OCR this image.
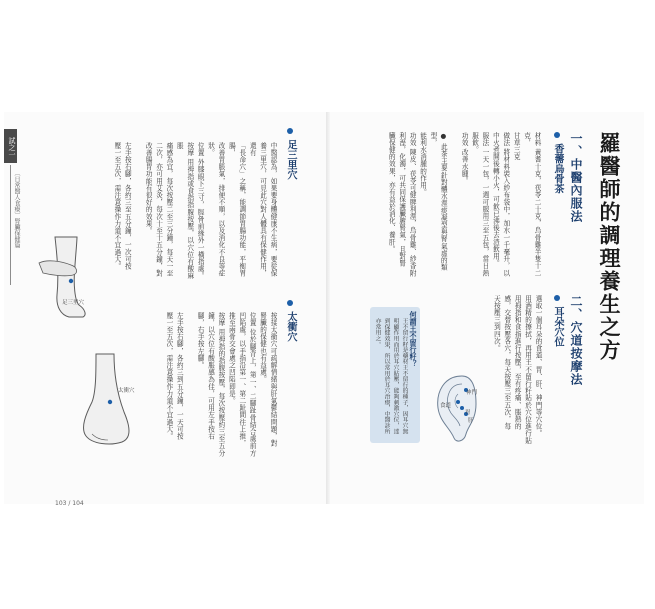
試之一
〔日常醫人食療〕腎臟保健篇	羅醫師的調理養生之方
一、中醫內服法
香薷烏骨茶
材料 黃耆十克，茯苓二十克，烏骨雞半隻十二克，
甘草三克
做法 將材料裝入紗布袋中，加水一千毫升，以
中火煮開後轉小火，可飲已沸後去渣飲用。
服法 一天一包，一週可服用三至五包，當日熱服飲。
功效 改善水腫。

● 此茶主要針對體水溼痰凝型與腎氣虛的類型，
能利水消腫的作用。
功效 陳皮、茯苓可健脾利溼，烏骨雞、紗香附
利溼，化濁，可共同保護臟腑腎氣，且對腎
臟保健的效果，亦有益於消化、養肝。
二、穴道按摩法
耳朵穴位
選取一個耳朵的食道、胃、肝、神門等穴位。
用酒精的擦拭，再用王不留行籽貼於穴位進行貼
用拇指和食指進行按壓，至有疼痛、脹熱的
感，交替按壓各穴，每天按壓三至五次，每
天按壓三到四次。
神門
食道
胃
肝
何謂王不留行籽？
王不留行籽是藥材王不留行的種子，因耳穴無明顯作用而用於耳穴貼壓，能夠刺激穴位，達到保健效果，所以常用於耳穴治療，中醫診所亦常用之。
足三里穴
中醫認為，如果要身體健康不生病，要從保
養三里穴，可見此穴對人體具有保健作用，還有
「長命穴」之稱，能調節胃腸功能，平衡胃腸，
改善胃脹氣，排便不順，以及消化不良等症狀。
位置 外膝眼下三寸，脛骨前緣外一橫指處。
按摩 用拇指或食指指腹按壓，以穴位有酸麻脹
痛感為宜，每次按壓二至三分鐘，每天一至
二次，亦可用艾灸，每次十至十五分鐘，對
改善腸胃功能有很好的效果。

左手按右腳，各約三至五分鐘，一次可按
壓一至五次，需注意操作力道不宜過大。
足三里穴
太衝穴
按揉太衝穴可疏解情緒與肝氣鬱結問題，對
腎臟的保健也有益處。
位置 位於腳背上，第一、二腳趾骨結合處前方
凹陷處，以手指沿第一、第二趾間往上推，
推至兩骨交會處之凹陷即是。
按摩 用拇指的指腹按壓，每次按壓約三至五分
鐘，以穴位有酸脹感為佳，可用左手按右
腳，右手按左腳。

左手按右腳，各約三到五分鐘，一天可按
壓一至五次，需注意操作力道不宜過大。
太衝穴
103 / 104
